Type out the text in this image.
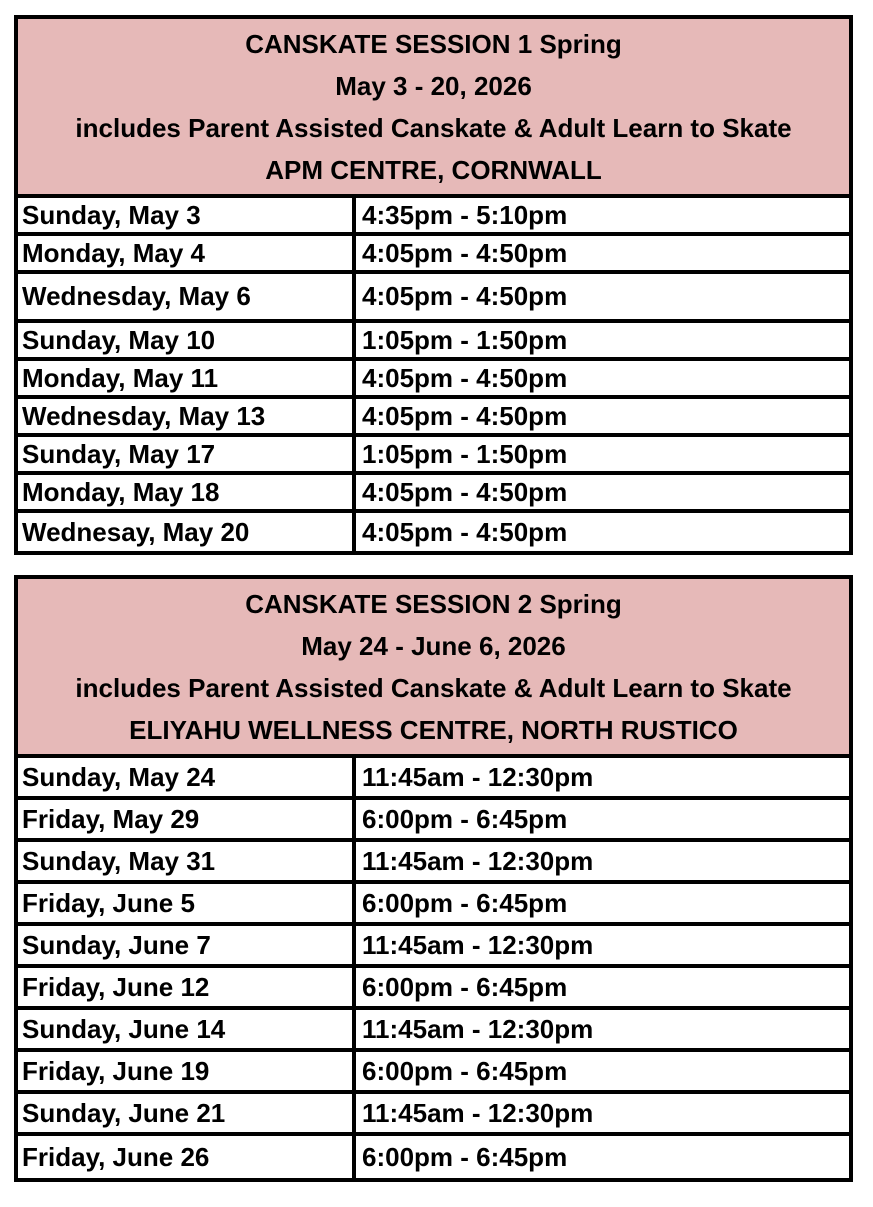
CANSKATE SESSION 1 Spring
May 3 - 20, 2026
includes Parent Assisted Canskate & Adult Learn to Skate
APM CENTRE, CORNWALL
Sunday, May 3	4:35pm - 5:10pm
Monday, May 4	4:05pm - 4:50pm
Wednesday, May 6	4:05pm - 4:50pm
Sunday, May 10	1:05pm - 1:50pm
Monday, May 11	4:05pm - 4:50pm
Wednesday, May 13	4:05pm - 4:50pm
Sunday, May 17	1:05pm - 1:50pm
Monday, May 18	4:05pm - 4:50pm
Wednesay, May 20	4:05pm - 4:50pm
CANSKATE SESSION 2 Spring
May 24 - June 6, 2026
includes Parent Assisted Canskate & Adult Learn to Skate
ELIYAHU WELLNESS CENTRE, NORTH RUSTICO
Sunday, May 24	11:45am - 12:30pm
Friday, May 29	6:00pm - 6:45pm
Sunday, May 31	11:45am - 12:30pm
Friday, June 5	6:00pm - 6:45pm
Sunday, June 7	11:45am - 12:30pm
Friday, June 12	6:00pm - 6:45pm
Sunday, June 14	11:45am - 12:30pm
Friday, June 19	6:00pm - 6:45pm
Sunday, June 21	11:45am - 12:30pm
Friday, June 26	6:00pm - 6:45pm
